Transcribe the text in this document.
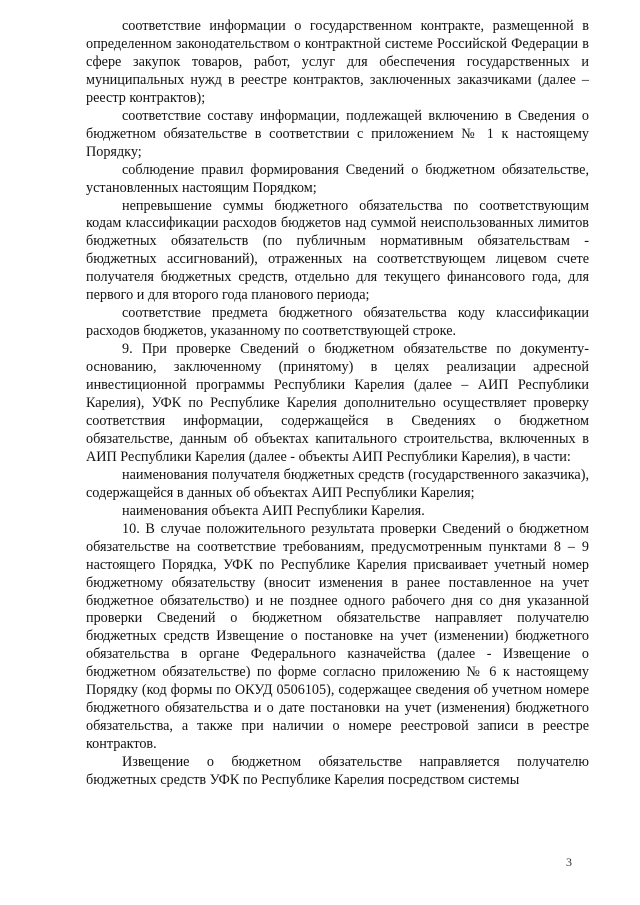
соответствие информации о государственном контракте, размещенной в определенном законодательством о контрактной системе Российской Федерации в сфере закупок товаров, работ, услуг для обеспечения государственных и муниципальных нужд в реестре контрактов, заключенных заказчиками (далее – реестр контрактов);

соответствие составу информации, подлежащей включению в Сведения о бюджетном обязательстве в соответствии с приложением № 1 к настоящему Порядку;

соблюдение правил формирования Сведений о бюджетном обязательстве, установленных настоящим Порядком;

непревышение суммы бюджетного обязательства по соответствующим кодам классификации расходов бюджетов над суммой неиспользованных лимитов бюджетных обязательств (по публичным нормативным обязательствам - бюджетных ассигнований), отраженных на соответствующем лицевом счете получателя бюджетных средств, отдельно для текущего финансового года, для первого и для второго года планового периода;

соответствие предмета бюджетного обязательства коду классификации расходов бюджетов, указанному по соответствующей строке.

9. При проверке Сведений о бюджетном обязательстве по документу-основанию, заключенному (принятому) в целях реализации адресной инвестиционной программы Республики Карелия (далее – АИП Республики Карелия), УФК по Республике Карелия дополнительно осуществляет проверку соответствия информации, содержащейся в Сведениях о бюджетном обязательстве, данным об объектах капитального строительства, включенных в АИП Республики Карелия (далее - объекты АИП Республики Карелия), в части:

наименования получателя бюджетных средств (государственного заказчика), содержащейся в данных об объектах АИП Республики Карелия;

наименования объекта АИП Республики Карелия.

10. В случае положительного результата проверки Сведений о бюджетном обязательстве на соответствие требованиям, предусмотренным пунктами 8 – 9 настоящего Порядка, УФК по Республике Карелия присваивает учетный номер бюджетному обязательству (вносит изменения в ранее поставленное на учет бюджетное обязательство) и не позднее одного рабочего дня со дня указанной проверки Сведений о бюджетном обязательстве направляет получателю бюджетных средств Извещение о постановке на учет (изменении) бюджетного обязательства в органе Федерального казначейства (далее - Извещение о бюджетном обязательстве) по форме согласно приложению № 6 к настоящему Порядку (код формы по ОКУД 0506105), содержащее сведения об учетном номере бюджетного обязательства и о дате постановки на учет (изменения) бюджетного обязательства, а также при наличии о номере реестровой записи в реестре контрактов.

Извещение о бюджетном обязательстве направляется получателю бюджетных средств УФК по Республике Карелия посредством системы

3
